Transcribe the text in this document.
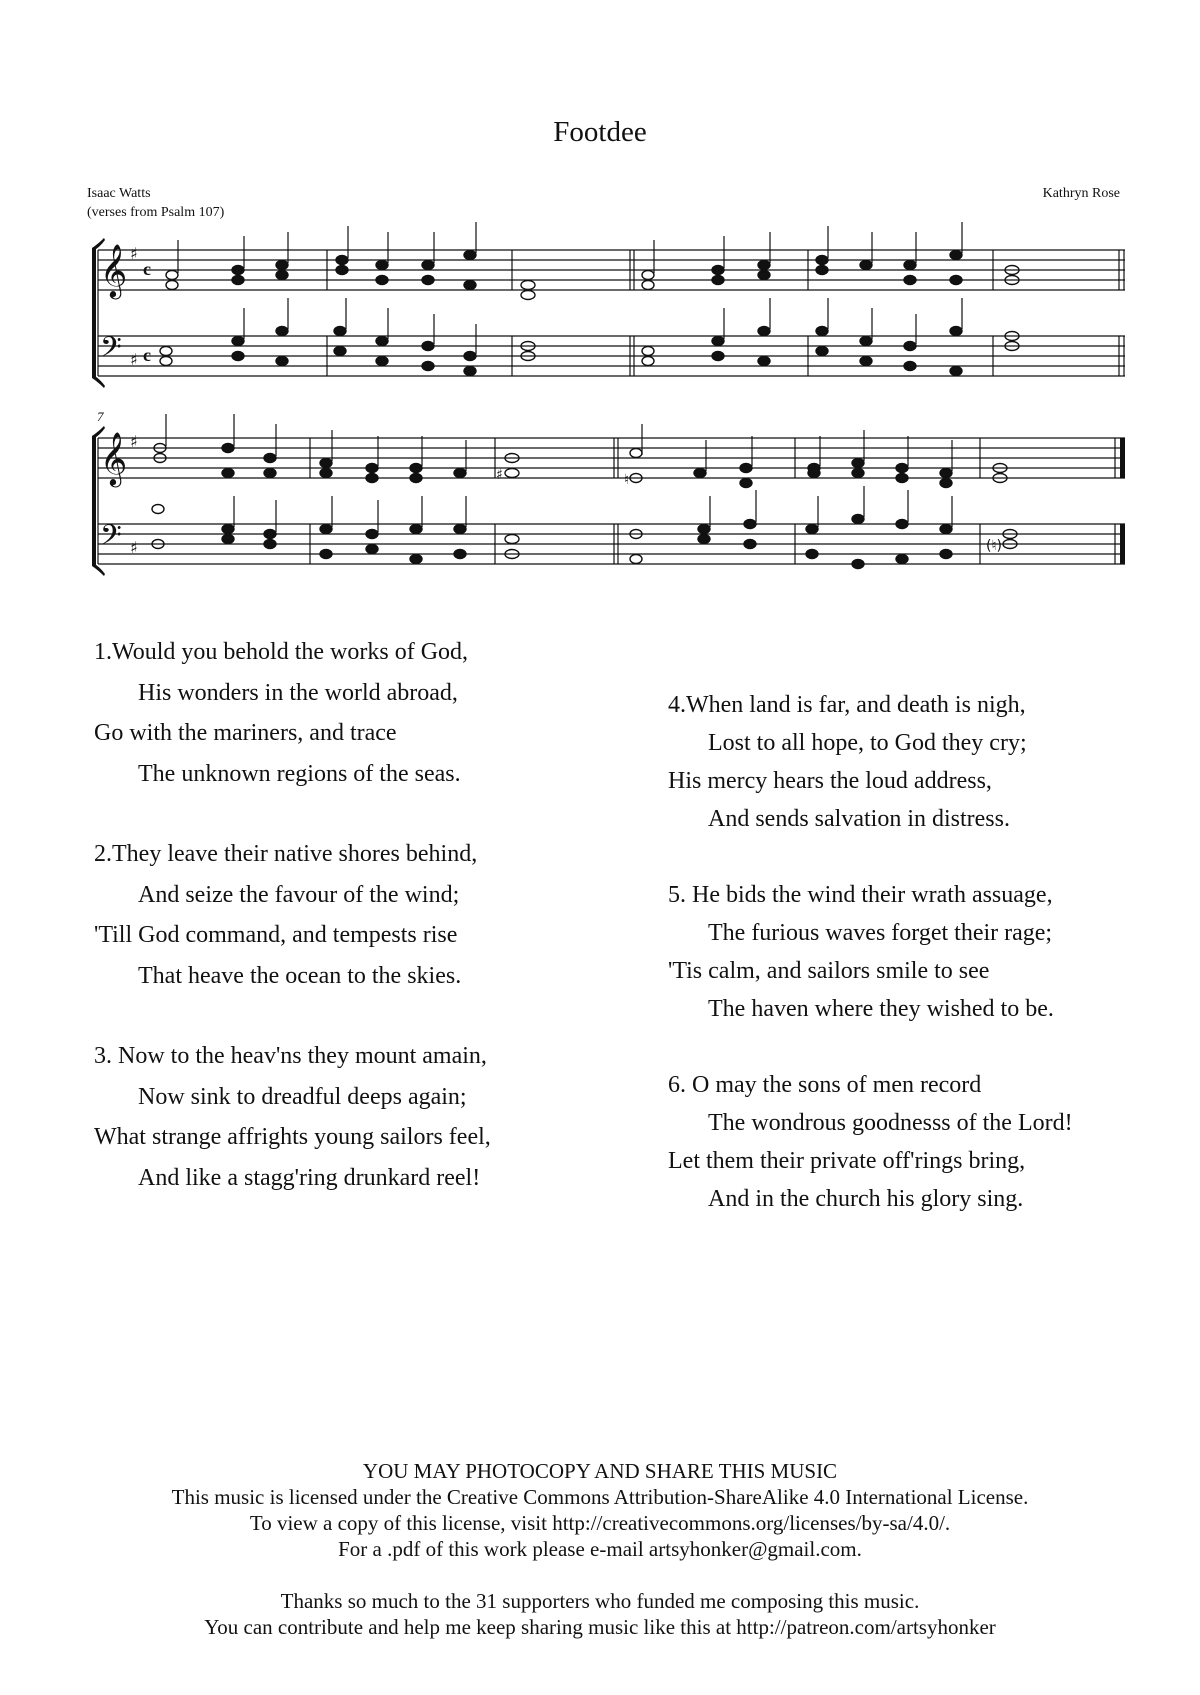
Footdee
Isaac Watts
(verses from Psalm 107)
Kathryn Rose
𝄞
𝄢
𝄞
𝄢
♯
♯
♯
♯
c
c
7
♯	♮
(♮)
1.Would you behold the works of God,
His wonders in the world abroad,
Go with the mariners, and trace
The unknown regions of the seas.
2.They leave their native shores behind,
And seize the favour of the wind;
'Till God command, and tempests rise
That heave the ocean to the skies.
3. Now to the heav'ns they mount amain,
Now sink to dreadful deeps again;
What strange affrights young sailors feel,
And like a stagg'ring drunkard reel!
4.When land is far, and death is nigh,
Lost to all hope, to God they cry;
His mercy hears the loud address,
And sends salvation in distress.
5. He bids the wind their wrath assuage,
The furious waves forget their rage;
'Tis calm, and sailors smile to see
The haven where they wished to be.
6. O may the sons of men record
The wondrous goodnesss of the Lord!
Let them their private off'rings bring,
And in the church his glory sing.
YOU MAY PHOTOCOPY AND SHARE THIS MUSIC
This music is licensed under the Creative Commons Attribution-ShareAlike 4.0 International License.
To view a copy of this license, visit http://creativecommons.org/licenses/by-sa/4.0/.
For a .pdf of this work please e-mail artsyhonker@gmail.com.
Thanks so much to the 31 supporters who funded me composing this music.
You can contribute and help me keep sharing music like this at http://patreon.com/artsyhonker
